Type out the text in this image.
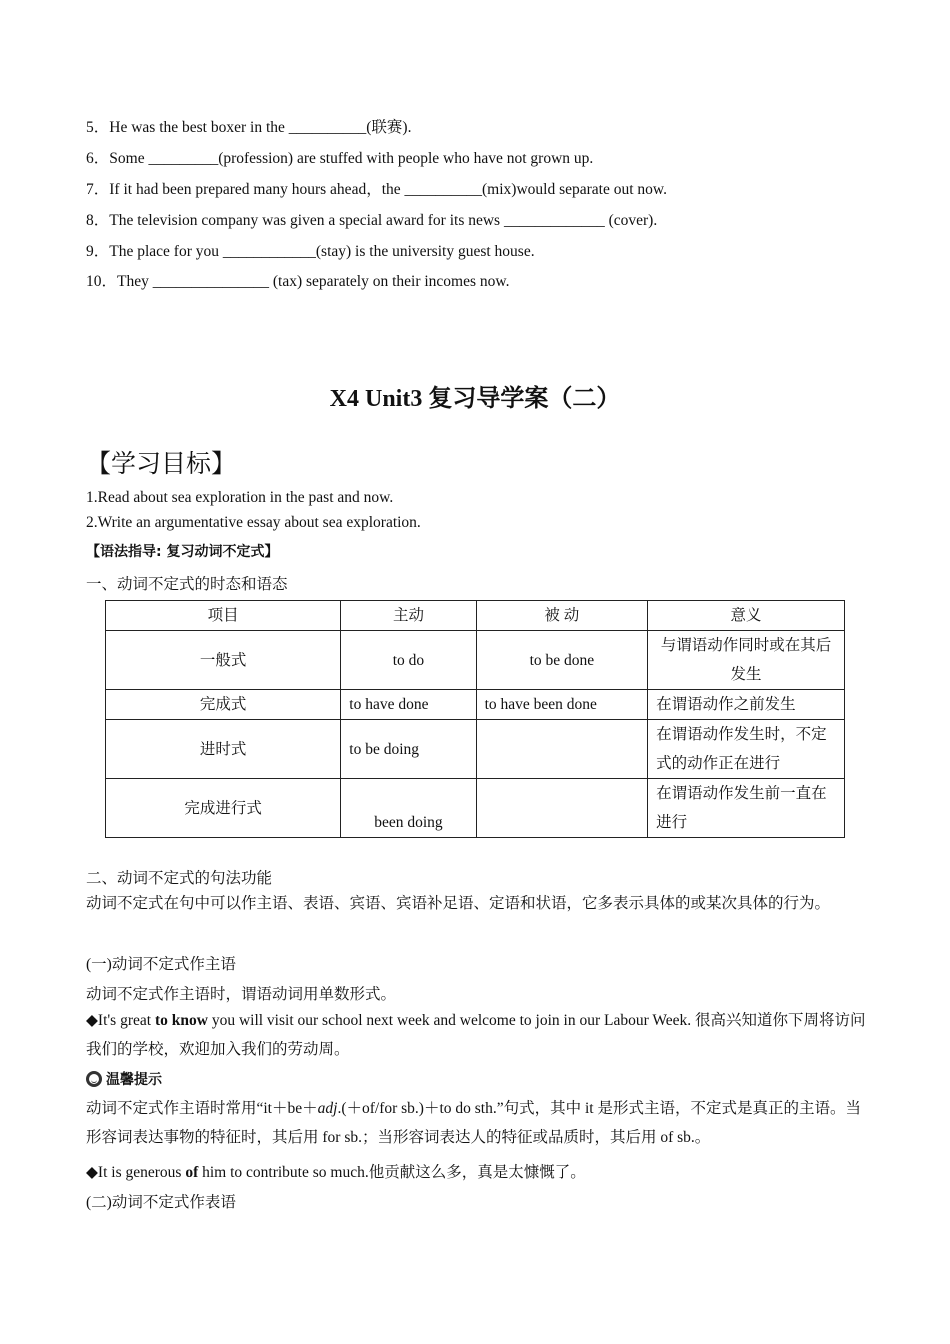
5．He was the best boxer in the __________(联赛).
6．Some _________(profession) are stuffed with people who have not grown up.
7．If it had been prepared many hours ahead，the __________(mix)would separate out now.
8．The television company was given a special award for its news _____________ (cover).
9．The place for you ____________(stay) is the university guest house.
10．They _______________ (tax) separately on their incomes now.
X4 Unit3 复习导学案（二）
【学习目标】
1.Read about sea exploration in the past and now.
2.Write an argumentative essay about sea exploration.
【语法指导: 复习动词不定式】
一、动词不定式的时态和语态
项目	主动	被 动	意义
一般式	to do	to be done	与谓语动作同时或在其后发生
完成式	to have done	to have been done	在谓语动作之前发生
进时式	to be doing		在谓语动作发生时，不定式的动作正在进行
完成进行式	been doing		在谓语动作发生前一直在进行
二、动词不定式的句法功能
动词不定式在句中可以作主语、表语、宾语、宾语补足语、定语和状语，它多表示具体的或某次具体的行为。
(一)动词不定式作主语
动词不定式作主语时，谓语动词用单数形式。
◆It's great to know you will visit our school next week and welcome to join in our Labour Week. 很高兴知道你下周将访问我们的学校，欢迎加入我们的劳动周。
温馨提示
动词不定式作主语时常用“it＋be＋adj.(＋of/for sb.)＋to do sth.”句式，其中 it 是形式主语，不定式是真正的主语。当形容词表达事物的特征时，其后用 for sb.；当形容词表达人的特征或品质时，其后用 of sb.。
◆It is generous of him to contribute so much.他贡献这么多，真是太慷慨了。
(二)动词不定式作表语
